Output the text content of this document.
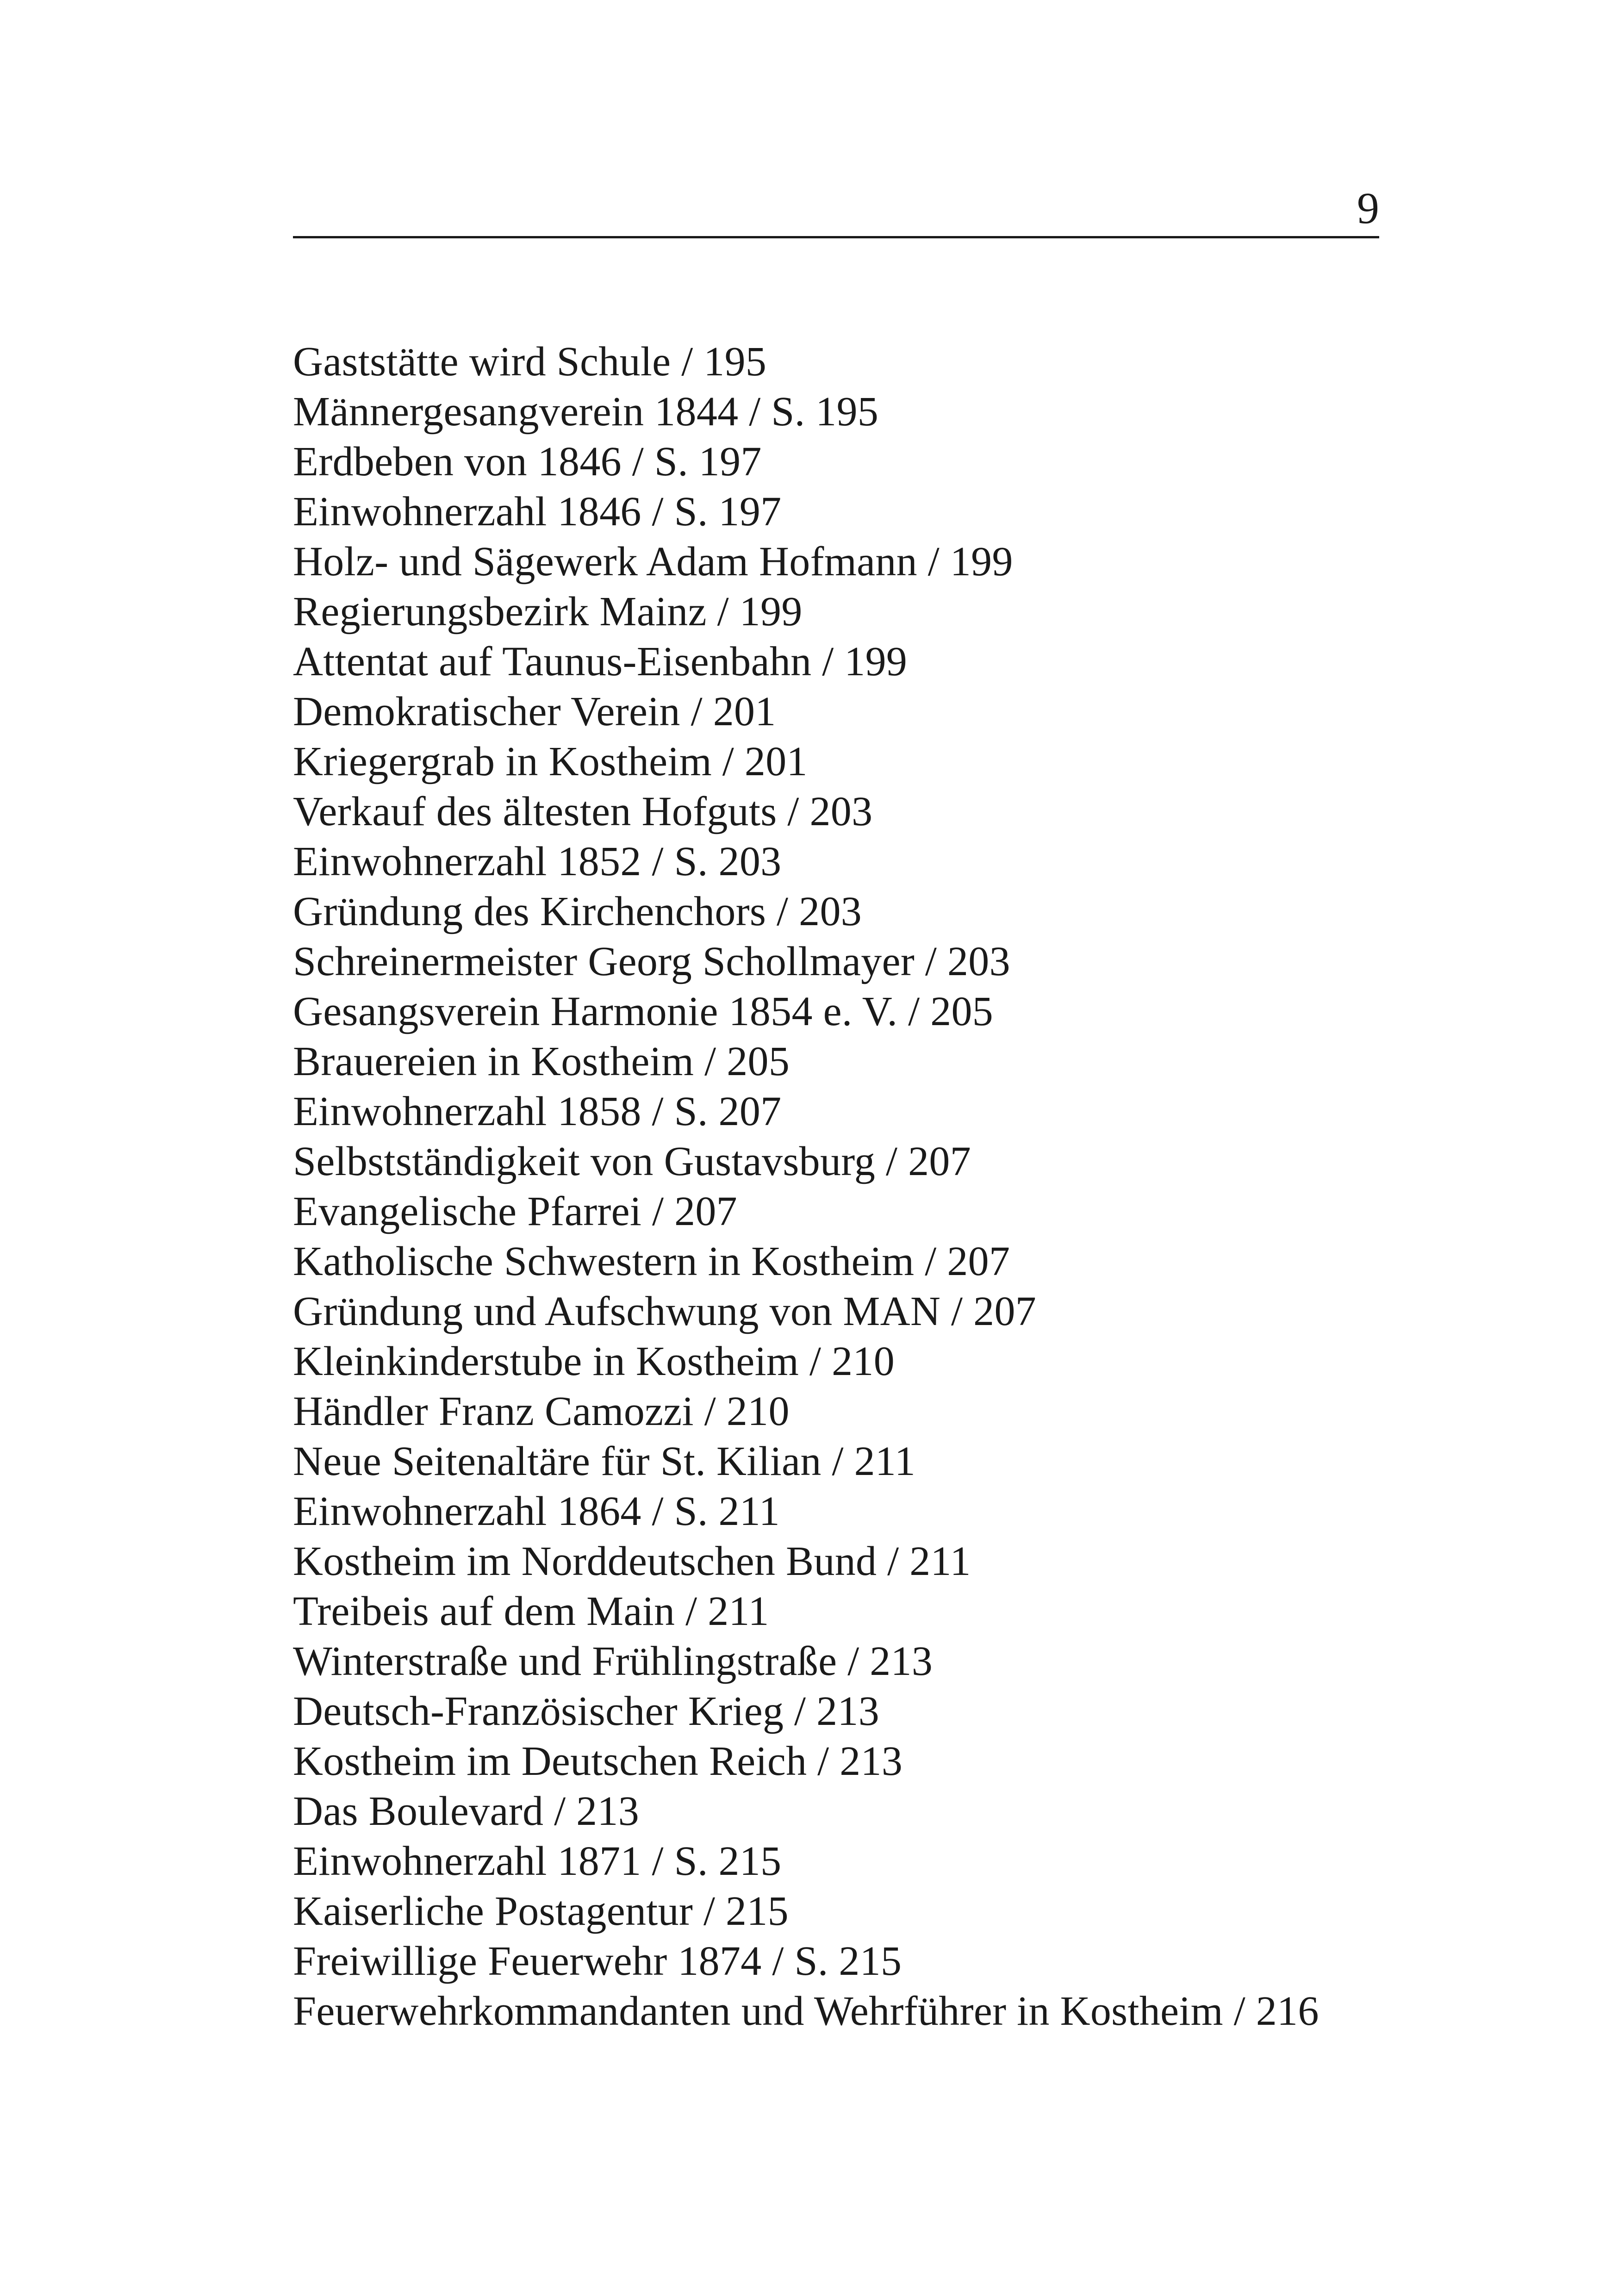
9
Gaststätte wird Schule / 195
Männergesangverein 1844 / S. 195
Erdbeben von 1846 / S. 197
Einwohnerzahl 1846 / S. 197
Holz- und Sägewerk Adam Hofmann / 199
Regierungsbezirk Mainz / 199
Attentat auf Taunus-Eisenbahn / 199
Demokratischer Verein / 201
Kriegergrab in Kostheim / 201
Verkauf des ältesten Hofguts / 203
Einwohnerzahl 1852 / S. 203
Gründung des Kirchenchors / 203
Schreinermeister Georg Schollmayer / 203
Gesangsverein Harmonie 1854 e. V. / 205
Brauereien in Kostheim / 205
Einwohnerzahl 1858 / S. 207
Selbstständigkeit von Gustavsburg / 207
Evangelische Pfarrei / 207
Katholische Schwestern in Kostheim / 207
Gründung und Aufschwung von MAN / 207
Kleinkinderstube in Kostheim / 210
Händler Franz Camozzi / 210
Neue Seitenaltäre für St. Kilian / 211
Einwohnerzahl 1864 / S. 211
Kostheim im Norddeutschen Bund / 211
Treibeis auf dem Main / 211
Winterstraße und Frühlingstraße / 213
Deutsch-Französischer Krieg / 213
Kostheim im Deutschen Reich / 213
Das Boulevard / 213
Einwohnerzahl 1871 / S. 215
Kaiserliche Postagentur / 215
Freiwillige Feuerwehr 1874 / S. 215
Feuerwehrkommandanten und Wehrführer in Kostheim / 216
